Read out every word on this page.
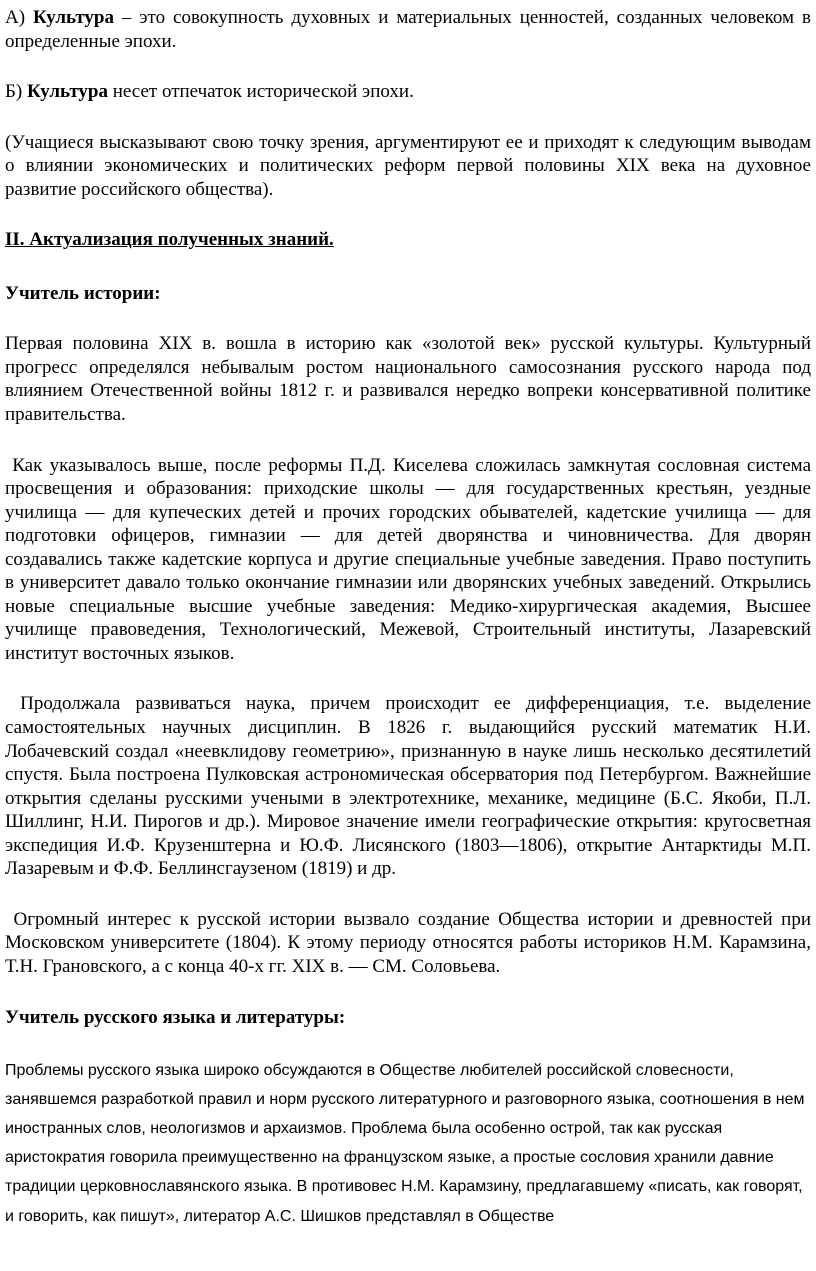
А) Культура – это совокупность духовных и материальных ценностей, созданных человеком в определенные эпохи.

Б) Культура несет отпечаток исторической эпохи.

(Учащиеся высказывают свою точку зрения, аргументируют ее и приходят к следующим выводам о влиянии экономических и политических реформ первой половины XIX века на духовное развитие российского общества).

II. Актуализация полученных знаний.

Учитель истории:

Первая половина XIX в. вошла в историю как «золотой век» русской культуры. Культурный прогресс определялся небывалым ростом национального самосознания русского народа под влиянием Отечественной войны 1812 г. и развивался нередко вопреки консервативной политике правительства.

Как указывалось выше, после реформы П.Д. Киселева сложилась замкнутая сословная система просвещения и образования: приходские школы — для государственных крестьян, уездные училища — для купеческих детей и прочих городских обывателей, кадетские училища — для подготовки офицеров, гимназии — для детей дворянства и чиновничества. Для дворян создавались также кадетские корпуса и другие специальные учебные заведения. Право поступить в университет давало только окончание гимназии или дворянских учебных заведений. Открылись новые специальные высшие учебные заведения: Медико-хирургическая академия, Высшее училище правоведения, Технологический, Межевой, Строительный институты, Лазаревский институт восточных языков.

Продолжала развиваться наука, причем происходит ее дифференциация, т.е. выделение самостоятельных научных дисциплин. В 1826 г. выдающийся русский математик Н.И. Лобачевский создал «неевклидову геометрию», признанную в науке лишь несколько десятилетий спустя. Была построена Пулковская астрономическая обсерватория под Петербургом. Важнейшие открытия сделаны русскими учеными в электротехнике, механике, медицине (Б.С. Якоби, П.Л. Шиллинг, Н.И. Пирогов и др.). Мировое значение имели географические открытия: кругосветная экспедиция И.Ф. Крузенштерна и Ю.Ф. Лисянского (1803—1806), открытие Антарктиды М.П. Лазаревым и Ф.Ф. Беллинсгаузеном (1819) и др.

Огромный интерес к русской истории вызвало создание Общества истории и древностей при Московском университете (1804). К этому периоду относятся работы историков Н.М. Карамзина, Т.Н. Грановского, а с конца 40-х гг. XIX в. — СМ. Соловьева.

Учитель русского языка и литературы:

Проблемы русского языка широко обсуждаются в Обществе любителей российской словесности, занявшемся разработкой правил и норм русского литературного и разговорного языка, соотношения в нем иностранных слов, неологизмов и архаизмов. Проблема была особенно острой, так как русская аристократия говорила преимущественно на французском языке, а простые сословия хранили давние традиции церковнославянского языка. В противовес Н.М. Карамзину, предлагавшему «писать, как говорят, и говорить, как пишут», литератор А.С. Шишков представлял в Обществе
